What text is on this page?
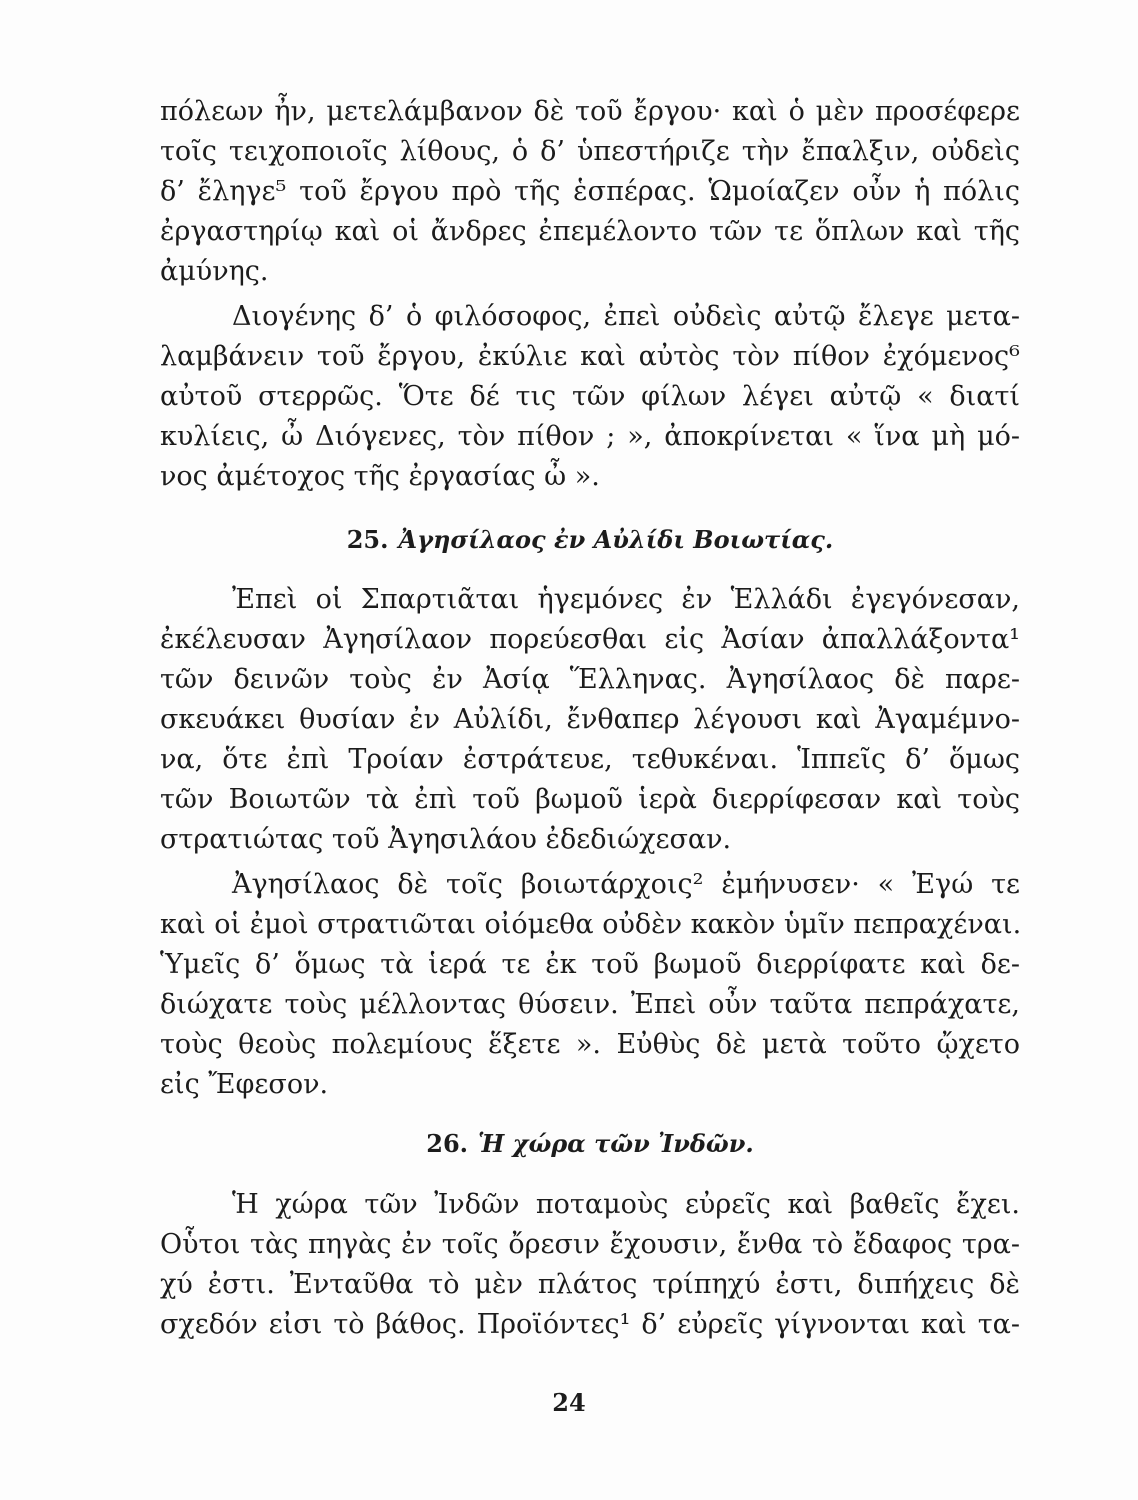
πόλεων ἦν, μετελάμβανον δὲ τοῦ ἔργου· καὶ ὁ μὲν προσέφερε
τοῖς τειχοποιοῖς λίθους, ὁ δ’ ὑπεστήριζε τὴν ἔπαλξιν, οὐδεὶς
δ’ ἔληγε⁵ τοῦ ἔργου πρὸ τῆς ἑσπέρας. Ὡμοίαζεν οὖν ἡ πόλις
ἐργαστηρίῳ καὶ οἱ ἄνδρες ἐπεμέλοντο τῶν τε ὅπλων καὶ τῆς
ἀμύνης.
Διογένης δ’ ὁ φιλόσοφος, ἐπεὶ οὐδεὶς αὐτῷ ἔλεγε μετα-
λαμβάνειν τοῦ ἔργου, ἐκύλιε καὶ αὐτὸς τὸν πίθον ἐχόμενος⁶
αὐτοῦ στερρῶς. Ὅτε δέ τις τῶν φίλων λέγει αὐτῷ « διατί
κυλίεις, ὦ Διόγενες, τὸν πίθον ; », ἀποκρίνεται « ἵνα μὴ μό-
νος ἀμέτοχος τῆς ἐργασίας ὦ ».
25. Ἀγησίλαος ἐν Αὐλίδι Βοιωτίας.
Ἐπεὶ οἱ Σπαρτιᾶται ἡγεμόνες ἐν Ἑλλάδι ἐγεγόνεσαν,
ἐκέλευσαν Ἀγησίλαον πορεύεσθαι εἰς Ἀσίαν ἀπαλλάξοντα¹
τῶν δεινῶν τοὺς ἐν Ἀσίᾳ Ἕλληνας. Ἀγησίλαος δὲ παρε-
σκευάκει θυσίαν ἐν Αὐλίδι, ἔνθαπερ λέγουσι καὶ Ἀγαμέμνο-
να, ὅτε ἐπὶ Τροίαν ἐστράτευε, τεθυκέναι. Ἱππεῖς δ’ ὅμως
τῶν Βοιωτῶν τὰ ἐπὶ τοῦ βωμοῦ ἱερὰ διερρίφεσαν καὶ τοὺς
στρατιώτας τοῦ Ἀγησιλάου ἐδεδιώχεσαν.
Ἀγησίλαος δὲ τοῖς βοιωτάρχοις² ἐμήνυσεν· « Ἐγώ τε
καὶ οἱ ἐμοὶ στρατιῶται οἰόμεθα οὐδὲν κακὸν ὑμῖν πεπραχέναι.
Ὑμεῖς δ’ ὅμως τὰ ἱερά τε ἐκ τοῦ βωμοῦ διερρίφατε καὶ δε-
διώχατε τοὺς μέλλοντας θύσειν. Ἐπεὶ οὖν ταῦτα πεπράχατε,
τοὺς θεοὺς πολεμίους ἕξετε ». Εὐθὺς δὲ μετὰ τοῦτο ᾤχετο
εἰς Ἔφεσον.
26. Ἡ χώρα τῶν Ἰνδῶν.
Ἡ χώρα τῶν Ἰνδῶν ποταμοὺς εὐρεῖς καὶ βαθεῖς ἔχει.
Οὗτοι τὰς πηγὰς ἐν τοῖς ὄρεσιν ἔχουσιν, ἔνθα τὸ ἔδαφος τρα-
χύ ἐστι. Ἐνταῦθα τὸ μὲν πλάτος τρίπηχύ ἐστι, διπήχεις δὲ
σχεδόν εἰσι τὸ βάθος. Προϊόντες¹ δ’ εὐρεῖς γίγνονται καὶ τα-
24
